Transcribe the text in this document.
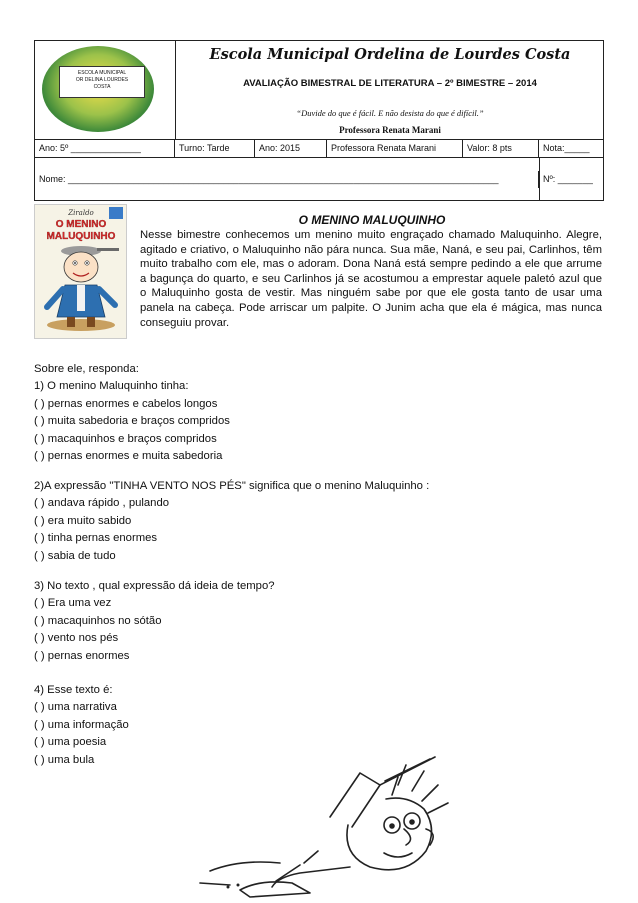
ESCOLA MUNICIPAL
OR DELINA LOURDES
COSTA
Escola Municipal Ordelina de Lourdes Costa
AVALIAÇÃO BIMESTRAL DE LITERATURA – 2º BIMESTRE – 2014
“Duvide do que é fácil. E não desista do que é difícil.”
Professora Renata Marani
Ano: 5º ______________	Turno: Tarde	Ano: 2015	Professora Renata Marani	Valor: 8 pts	Nota:_____
Nome: ______________________________________________________________________________________	Nº: _______
Ziraldo
O MENINO
MALUQUINHO
O MENINO MALUQUINHO

Nesse bimestre conhecemos um menino muito engraçado chamado Maluquinho. Alegre, agitado e criativo, o Maluquinho não pára nunca. Sua mãe, Naná, e seu pai, Carlinhos, têm muito trabalho com ele, mas o adoram. Dona Naná está sempre pedindo a ele que arrume a bagunça do quarto, e seu Carlinhos já se acostumou a emprestar aquele paletó azul que o Maluquinho gosta de vestir. Mas ninguém sabe por que ele gosta tanto de usar uma panela na cabeça. Pode arriscar um palpite. O Junim acha que ela é mágica, mas nunca conseguiu provar.

Sobre ele, responda:
1) O menino Maluquinho tinha:
( ) pernas enormes e cabelos longos
( ) muita sabedoria e braços compridos
( ) macaquinhos e braços compridos
( ) pernas enormes e muita sabedoria
2)A expressão "TINHA VENTO NOS PÉS" significa que o menino Maluquinho :
( ) andava rápido , pulando
( ) era muito sabido
( ) tinha pernas enormes
( ) sabia de tudo
3) No texto , qual expressão dá ideia de tempo?
( ) Era uma vez
( ) macaquinhos no sótão
( ) vento nos pés
( ) pernas enormes
4) Esse texto é:
( ) uma narrativa
( ) uma informação
( ) uma poesia
( ) uma bula
